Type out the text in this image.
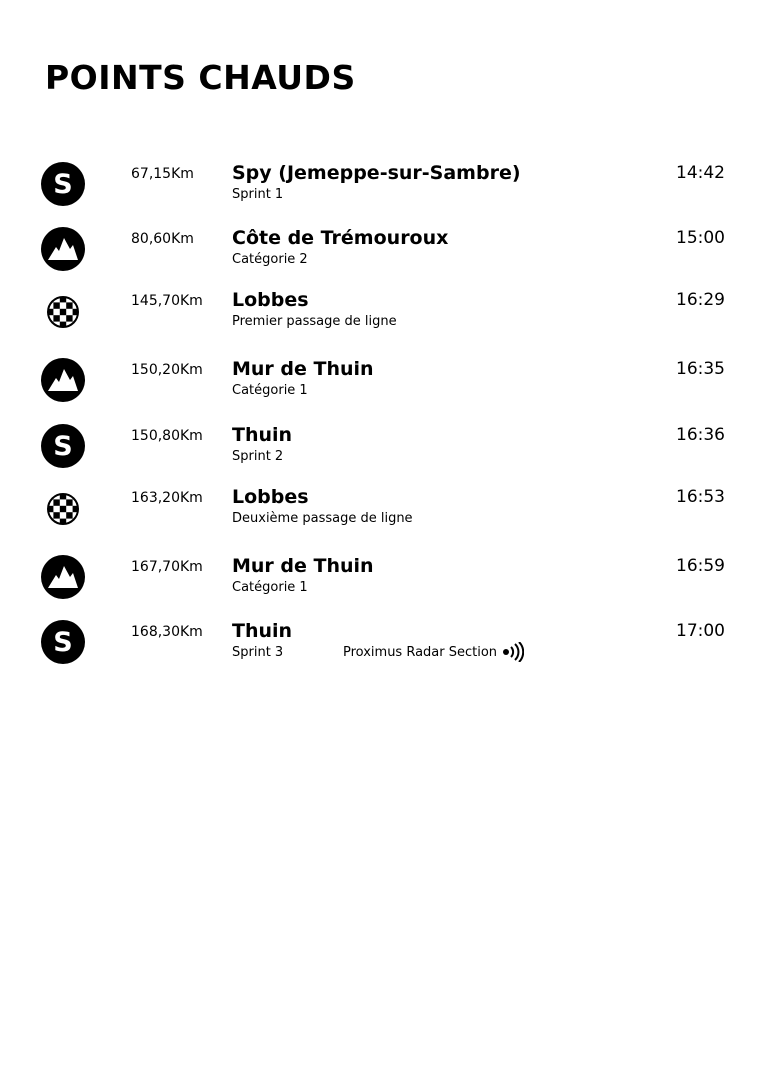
POINTS CHAUDS
S	67,15Km Spy (Jemeppe-sur-Sambre)
Sprint 1
14:42
80,60Km Côte de Trémouroux
Catégorie 2
15:00
145,70Km Lobbes
Premier passage de ligne
16:29
150,20Km Mur de Thuin
Catégorie 1
16:35
S	150,80Km Thuin
Sprint 2
16:36
163,20Km Lobbes
Deuxième passage de ligne
16:53
167,70Km Mur de Thuin
Catégorie 1
16:59
S	168,30Km Thuin
Sprint 3	Proximus Radar Section
17:00
